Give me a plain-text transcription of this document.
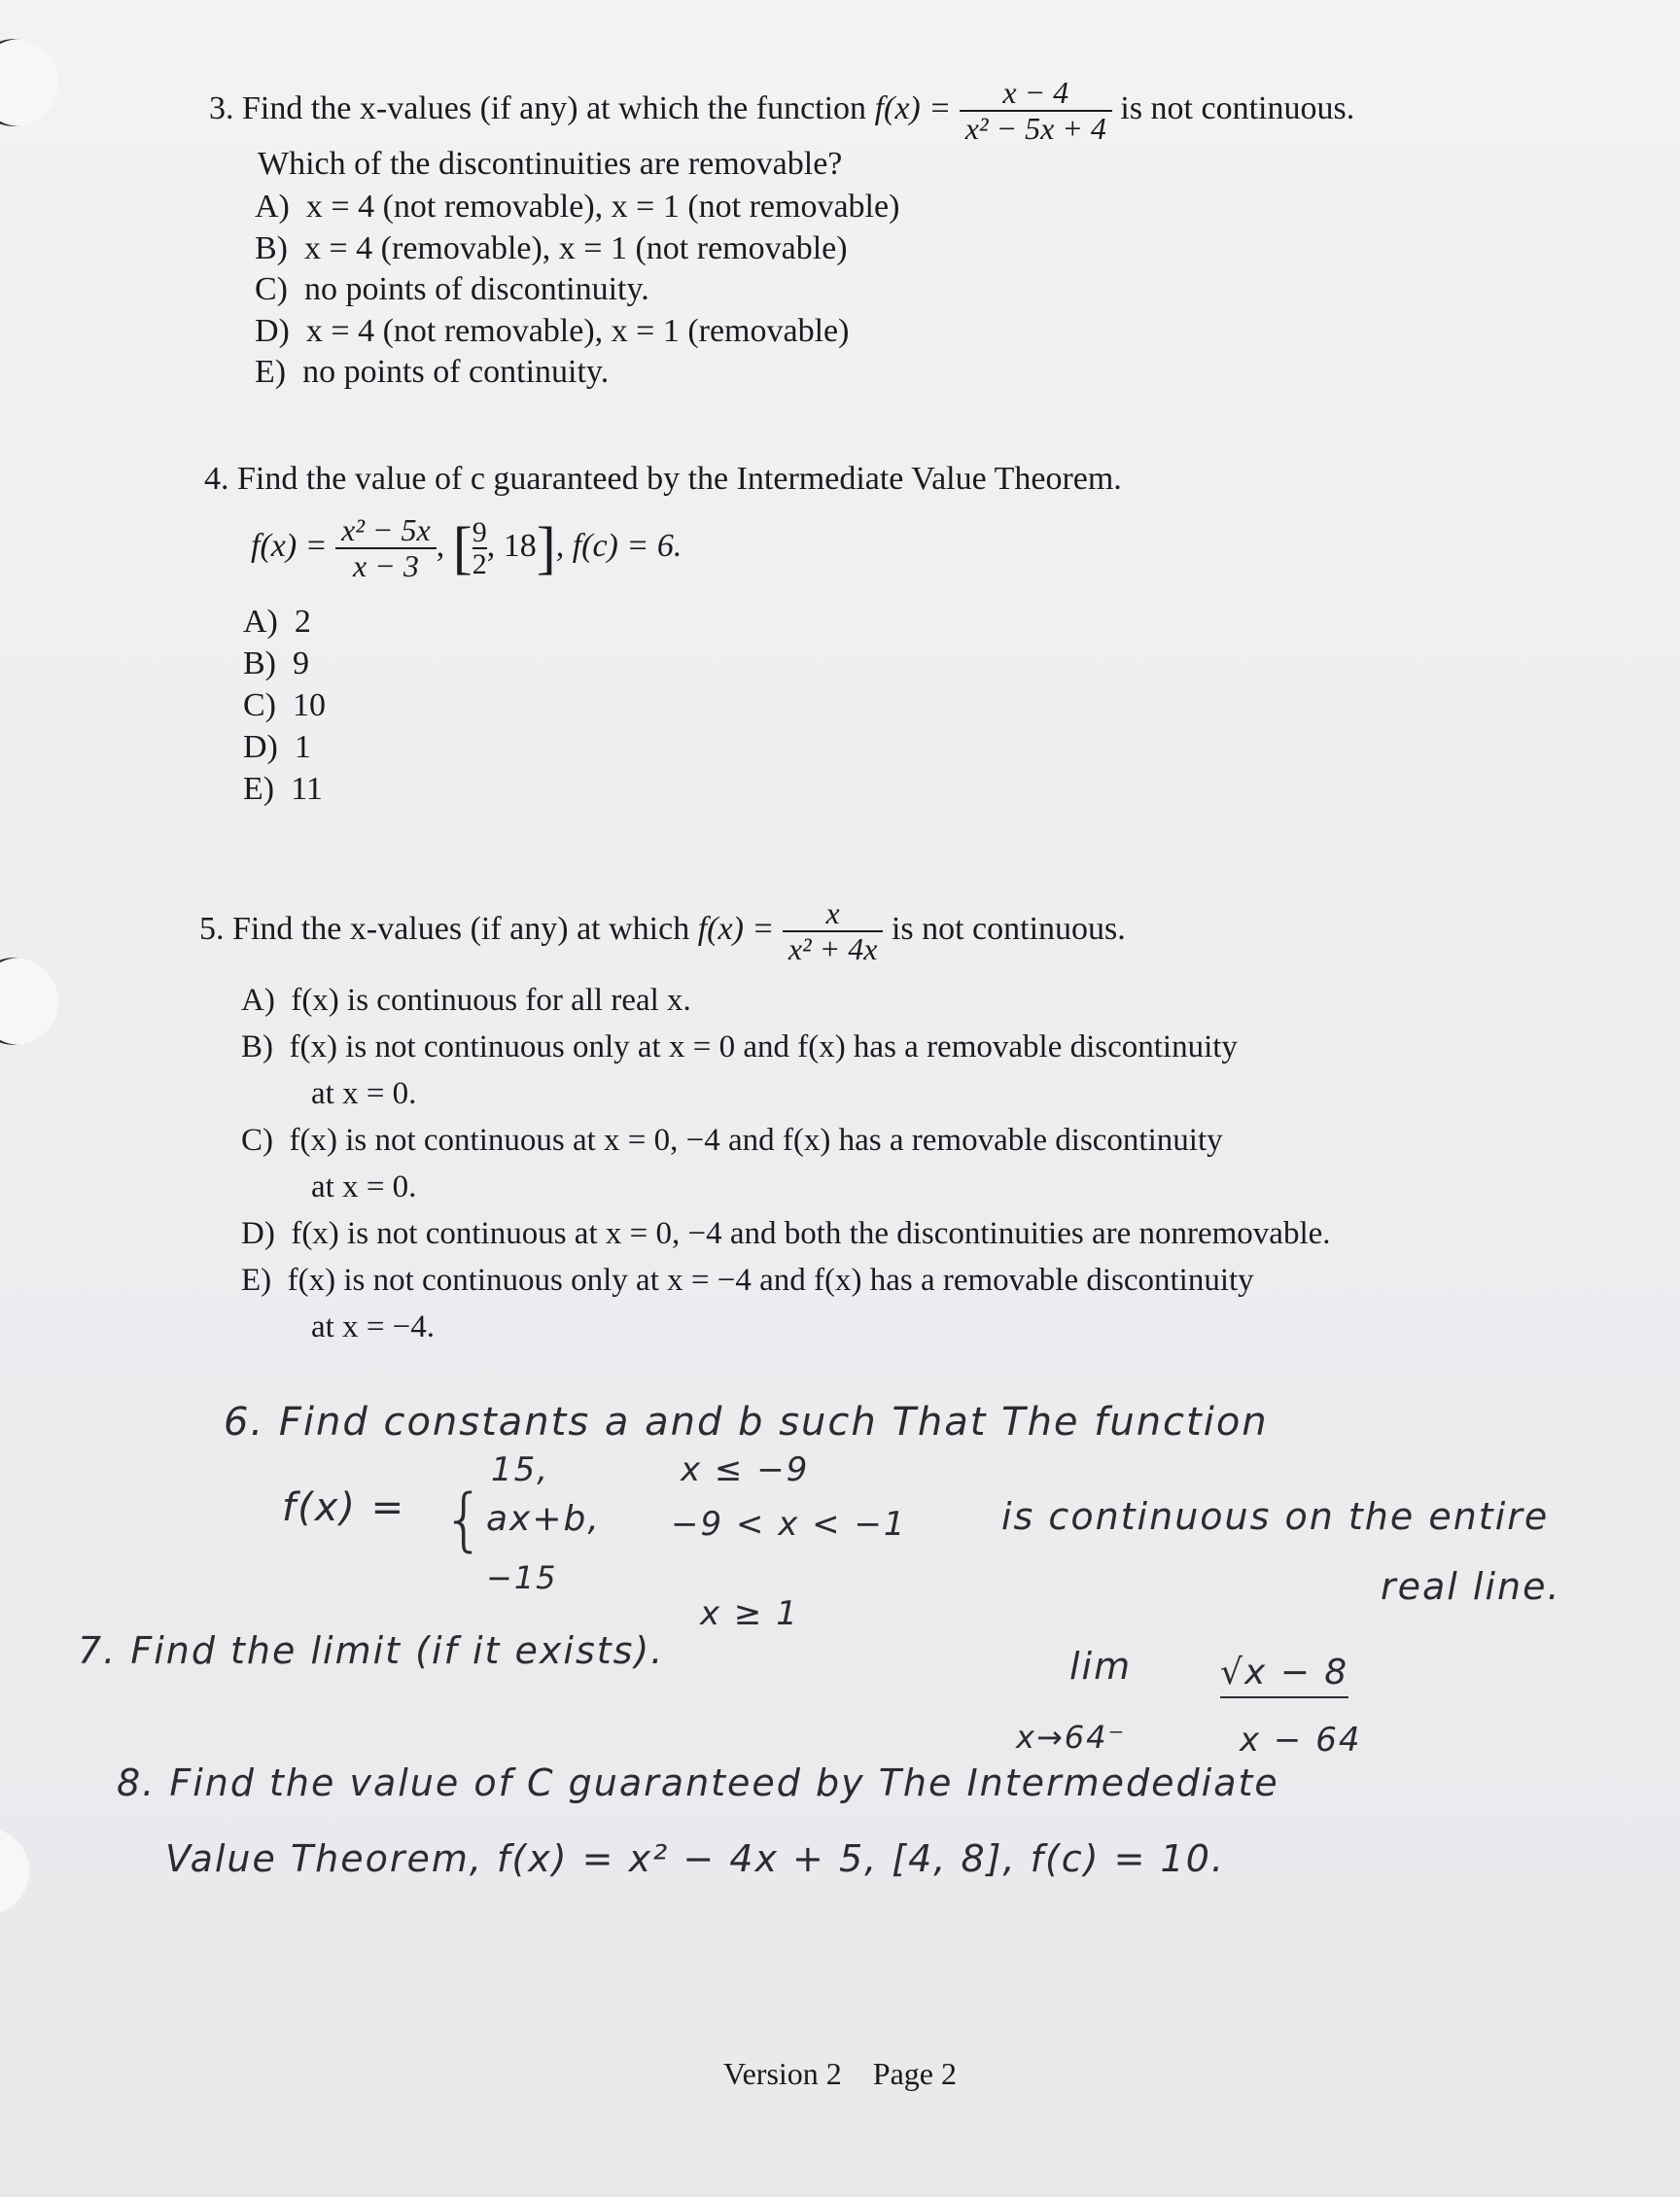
3. Find the x-values (if any) at which the function $f(x) = \frac{x - 4}{\text{x² − 5x + 4}}$ is not continuous.
Which of the discontinuities are removable?
A) x = 4 (not removable), x = 1 (not removable)
B) x = 4 (removable), x = 1 (not removable)
C) no points of discontinuity.
D) x = 4 (not removable), x = 1 (removable)
E) no points of continuity.
4. Find the value of c guaranteed by the Intermediate Value Theorem.
$f(x) = \frac{\text{x² − 5x}}{x - 3}$ , [$\frac{9}{2}$ , 18], f(c) = 6.
A) 2
B) 9
C) 10
D) 1
E) 11
5. Find the x-values (if any) at which $f(x) = \frac{x}{\text{x² + 4x}}$ is not continuous.
A) f(x) is continuous for all real x.
B) f(x) is not continuous only at x = 0 and f(x) has a removable discontinuity
at x = 0.
C) f(x) is not continuous at x = 0, −4 and f(x) has a removable discontinuity
at x = 0.
D) f(x) is not continuous at x = 0, −4 and both the discontinuities are nonremovable.
E) f(x) is not continuous only at x = −4 and f(x) has a removable discontinuity
at x = −4.
6. Find constants a and b such That The function
f(x) = {
15,	x ≤ −9
ax+b, −9 < x < −1
−15
x ≥ 1
is continuous on the entire
real line.
7. Find the limit (if it exists).	lim
x→64⁻
√x − 8
x − 64
8. Find the value of C guaranteed by The Intermedediate
Value Theorem, f(x) = x² − 4x + 5, [4, 8], f(c) = 10.
Version 2 Page 2
